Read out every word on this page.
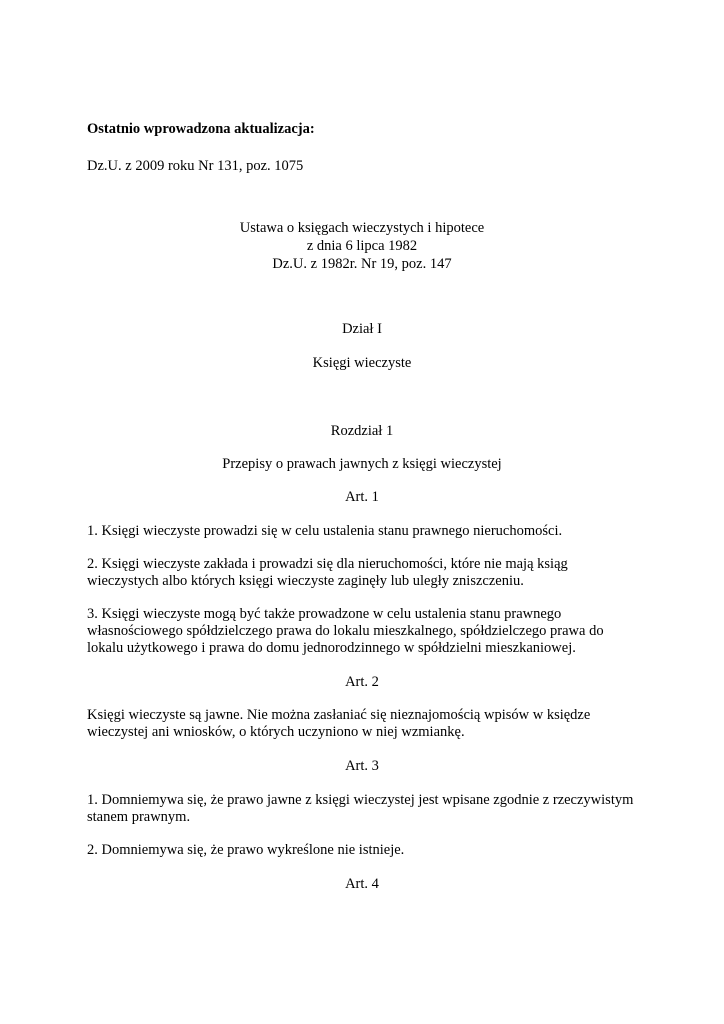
Ostatnio wprowadzona aktualizacja:

Dz.U. z 2009 roku Nr 131, poz. 1075

Ustawa o księgach wieczystych i hipotece

z dnia 6 lipca 1982

Dz.U. z 1982r. Nr 19, poz. 147

Dział I

Księgi wieczyste

Rozdział 1

Przepisy o prawach jawnych z księgi wieczystej

Art. 1

1. Księgi wieczyste prowadzi się w celu ustalenia stanu prawnego nieruchomości.
2. Księgi wieczyste zakłada i prowadzi się dla nieruchomości, które nie mają ksiąg
wieczystych albo których księgi wieczyste zaginęły lub uległy zniszczeniu.
3. Księgi wieczyste mogą być także prowadzone w celu ustalenia stanu prawnego
własnościowego spółdzielczego prawa do lokalu mieszkalnego, spółdzielczego prawa do
lokalu użytkowego i prawa do domu jednorodzinnego w spółdzielni mieszkaniowej.

Art. 2

Księgi wieczyste są jawne. Nie można zasłaniać się nieznajomością wpisów w księdze
wieczystej ani wniosków, o których uczyniono w niej wzmiankę.

Art. 3

1. Domniemywa się, że prawo jawne z księgi wieczystej jest wpisane zgodnie z rzeczywistym
stanem prawnym.
2. Domniemywa się, że prawo wykreślone nie istnieje.

Art. 4
